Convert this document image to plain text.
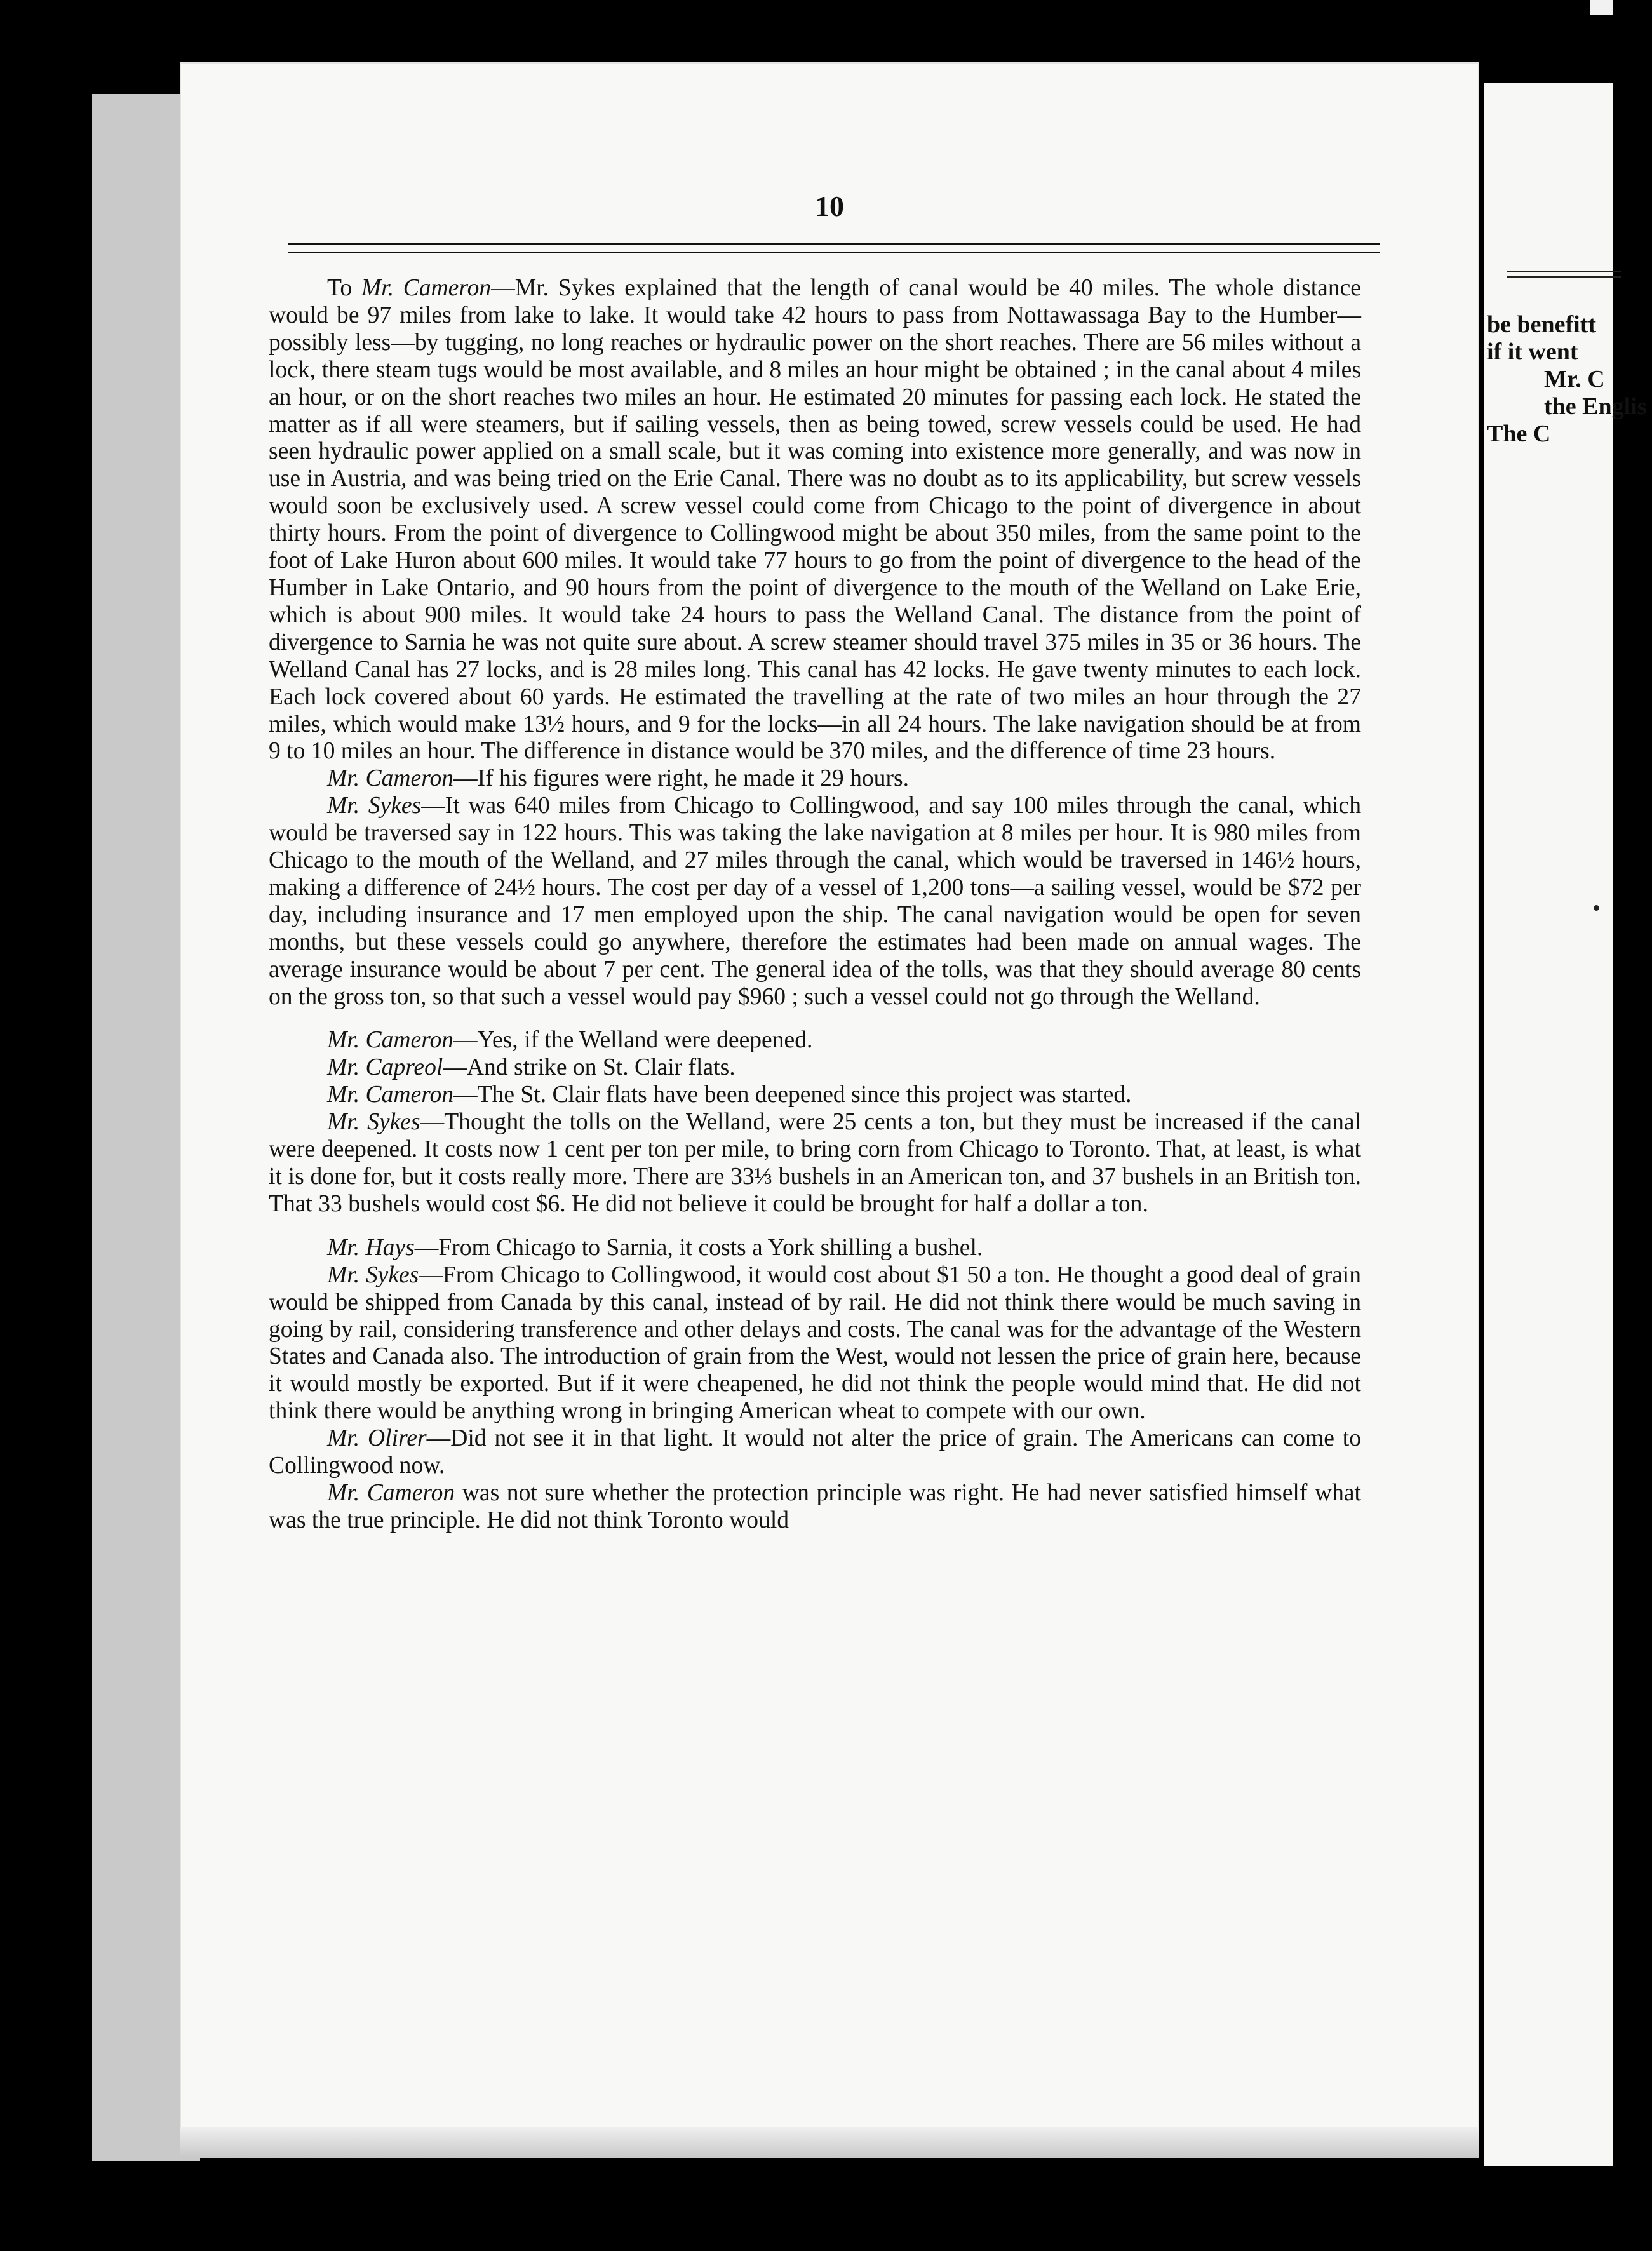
10

To Mr. Cameron—Mr. Sykes explained that the length of canal would be 40 miles. The whole distance would be 97 miles from lake to lake. It would take 42 hours to pass from Nottawassaga Bay to the Humber—possibly less—by tugging, no long reaches or hydraulic power on the short reaches. There are 56 miles without a lock, there steam tugs would be most available, and 8 miles an hour might be obtained ; in the canal about 4 miles an hour, or on the short reaches two miles an hour. He estimated 20 minutes for passing each lock. He stated the matter as if all were steamers, but if sailing vessels, then as being towed, screw vessels could be used. He had seen hydraulic power applied on a small scale, but it was coming into existence more generally, and was now in use in Austria, and was being tried on the Erie Canal. There was no doubt as to its applicability, but screw vessels would soon be exclusively used. A screw vessel could come from Chicago to the point of divergence in about thirty hours. From the point of divergence to Collingwood might be about 350 miles, from the same point to the foot of Lake Huron about 600 miles. It would take 77 hours to go from the point of divergence to the head of the Humber in Lake Ontario, and 90 hours from the point of divergence to the mouth of the Welland on Lake Erie, which is about 900 miles. It would take 24 hours to pass the Welland Canal. The distance from the point of divergence to Sarnia he was not quite sure about. A screw steamer should travel 375 miles in 35 or 36 hours. The Welland Canal has 27 locks, and is 28 miles long. This canal has 42 locks. He gave twenty minutes to each lock. Each lock covered about 60 yards. He estimated the travelling at the rate of two miles an hour through the 27 miles, which would make 13½ hours, and 9 for the locks—in all 24 hours. The lake navigation should be at from 9 to 10 miles an hour. The difference in distance would be 370 miles, and the difference of time 23 hours.

Mr. Cameron—If his figures were right, he made it 29 hours.

Mr. Sykes—It was 640 miles from Chicago to Collingwood, and say 100 miles through the canal, which would be traversed say in 122 hours. This was taking the lake navigation at 8 miles per hour. It is 980 miles from Chicago to the mouth of the Welland, and 27 miles through the canal, which would be traversed in 146½ hours, making a difference of 24½ hours. The cost per day of a vessel of 1,200 tons—a sailing vessel, would be $72 per day, including insurance and 17 men employed upon the ship. The canal navigation would be open for seven months, but these vessels could go anywhere, therefore the estimates had been made on annual wages. The average insurance would be about 7 per cent. The general idea of the tolls, was that they should average 80 cents on the gross ton, so that such a vessel would pay $960 ; such a vessel could not go through the Welland.

Mr. Cameron—Yes, if the Welland were deepened.

Mr. Capreol—And strike on St. Clair flats.

Mr. Cameron—The St. Clair flats have been deepened since this project was started.

Mr. Sykes—Thought the tolls on the Welland, were 25 cents a ton, but they must be increased if the canal were deepened. It costs now 1 cent per ton per mile, to bring corn from Chicago to Toronto. That, at least, is what it is done for, but it costs really more. There are 33⅓ bushels in an American ton, and 37 bushels in an British ton. That 33 bushels would cost $6. He did not believe it could be brought for half a dollar a ton.

Mr. Hays—From Chicago to Sarnia, it costs a York shilling a bushel.

Mr. Sykes—From Chicago to Collingwood, it would cost about $1 50 a ton. He thought a good deal of grain would be shipped from Canada by this canal, instead of by rail. He did not think there would be much saving in going by rail, considering transference and other delays and costs. The canal was for the advantage of the Western States and Canada also. The introduction of grain from the West, would not lessen the price of grain here, because it would mostly be exported. But if it were cheapened, he did not think the people would mind that. He did not think there would be anything wrong in bringing American wheat to compete with our own.

Mr. Olirer—Did not see it in that light. It would not alter the price of grain. The Americans can come to Collingwood now.

Mr. Cameron was not sure whether the protection principle was right. He had never satisfied himself what was the true principle. He did not think Toronto would

be benefitt
if it went
Mr. C
the Englis
The C
